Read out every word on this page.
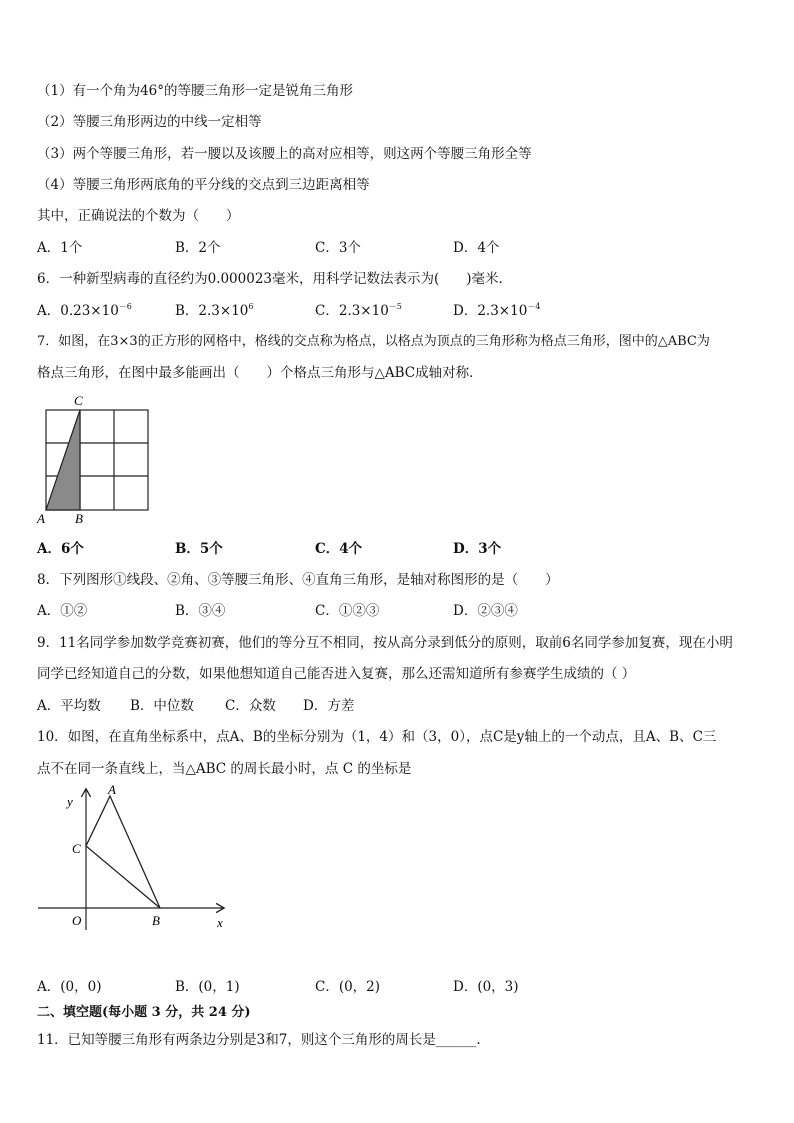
（1）有一个角为46°的等腰三角形一定是锐角三角形
（2）等腰三角形两边的中线一定相等
（3）两个等腰三角形，若一腰以及该腰上的高对应相等，则这两个等腰三角形全等
（4）等腰三角形两底角的平分线的交点到三边距离相等
其中，正确说法的个数为（　　）
A．1个	B．2个	C．3个	D．4个
6．一种新型病毒的直径约为0.000023毫米，用科学记数法表示为(　　)毫米．
A．$0.23\times 10^{-6}$	B．$2.3\times 10^6$	C．$2.3\times 10^{-5}$	D．$2.3\times 10^{-4}$
7．如图，在3×3的正方形的网格中，格线的交点称为格点，以格点为顶点的三角形称为格点三角形，图中的△ABC为
格点三角形，在图中最多能画出（　　）个格点三角形与△ABC成轴对称．
C
A B
A．6个	B．5个	C．4个	D．3个
8．下列图形①线段、②角、③等腰三角形、④直角三角形，是轴对称图形的是（　　）
A．①②	B．③④	C．①②③	D．②③④
9．11名同学参加数学竞赛初赛，他们的等分互不相同，按从高分录到低分的原则，取前6名同学参加复赛，现在小明
同学已经知道自己的分数，如果他想知道自己能否进入复赛，那么还需知道所有参赛学生成绩的（ ）
A．平均数 B．中位数 C．众数 D．方差
10．如图，在直角坐标系中，点A、B的坐标分别为（1，4）和（3，0），点C是y轴上的一个动点，且A、B、C三
点不在同一条直线上，当△ABC 的周长最小时，点 C 的坐标是
y
x
A
C
O	B
A．(0，0)	B．(0，1)	C．(0，2)	D．(0，3)
二、填空题(每小题 3 分，共 24 分)
11．已知等腰三角形有两条边分别是3和7，则这个三角形的周长是______.
